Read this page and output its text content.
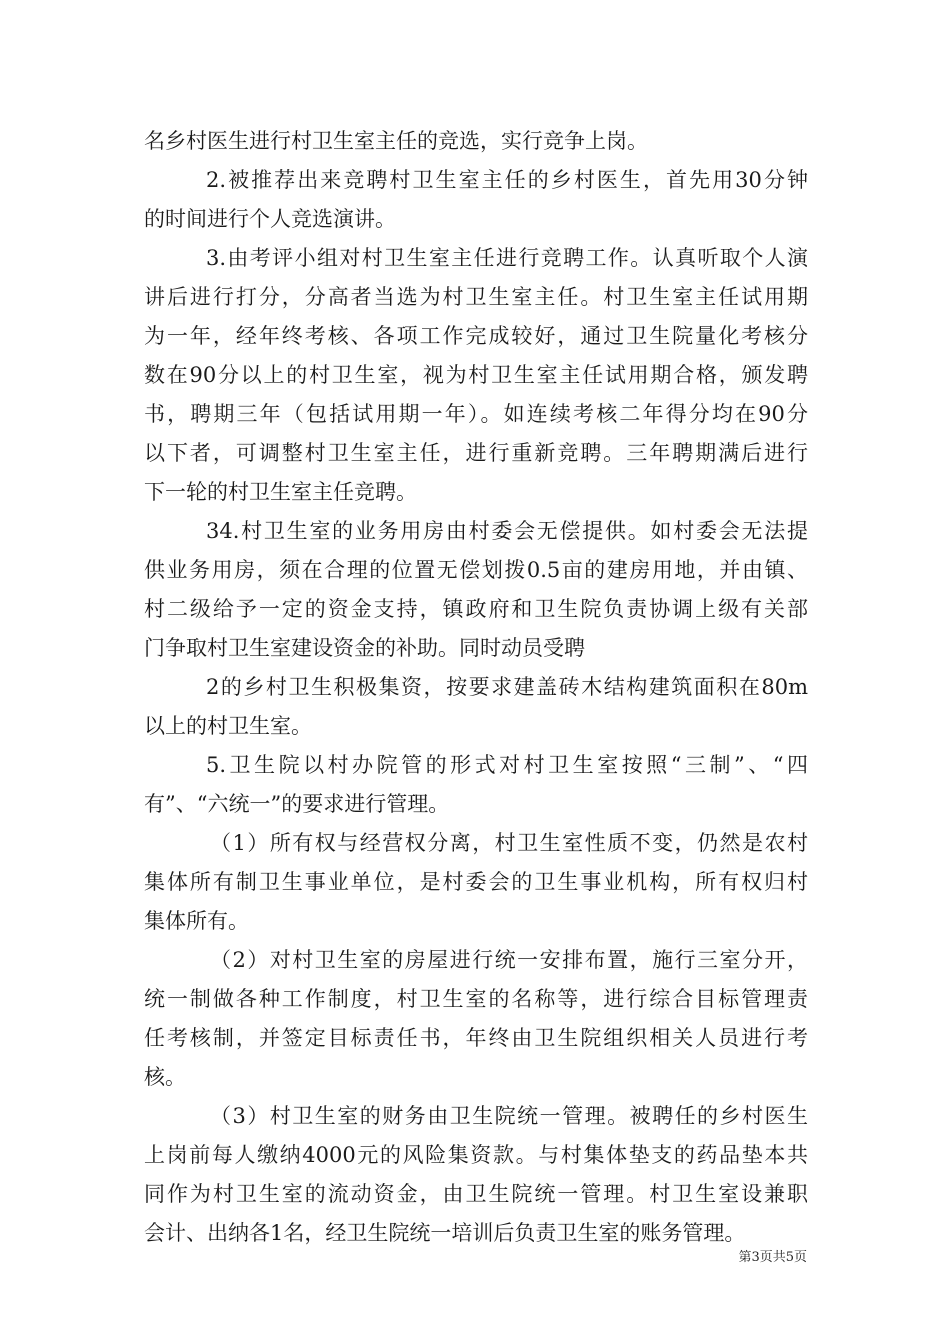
名乡村医生进行村卫生室主任的竞选，实行竞争上岗。
2.被推荐出来竞聘村卫生室主任的乡村医生，首先用30分钟
的时间进行个人竞选演讲。
3.由考评小组对村卫生室主任进行竞聘工作。认真听取个人演
讲后进行打分，分高者当选为村卫生室主任。村卫生室主任试用期
为一年，经年终考核、各项工作完成较好，通过卫生院量化考核分
数在90分以上的村卫生室，视为村卫生室主任试用期合格，颁发聘
书，聘期三年（包括试用期一年）。如连续考核二年得分均在90分
以下者，可调整村卫生室主任，进行重新竞聘。三年聘期满后进行
下一轮的村卫生室主任竞聘。
34.村卫生室的业务用房由村委会无偿提供。如村委会无法提
供业务用房，须在合理的位置无偿划拨0.5亩的建房用地，并由镇、
村二级给予一定的资金支持，镇政府和卫生院负责协调上级有关部
门争取村卫生室建设资金的补助。同时动员受聘
2的乡村卫生积极集资，按要求建盖砖木结构建筑面积在80m
以上的村卫生室。
5.卫生院以村办院管的形式对村卫生室按照“三制”、“四
有”、“六统一”的要求进行管理。
（1）所有权与经营权分离，村卫生室性质不变，仍然是农村
集体所有制卫生事业单位，是村委会的卫生事业机构，所有权归村
集体所有。
（2）对村卫生室的房屋进行统一安排布置，施行三室分开，
统一制做各种工作制度，村卫生室的名称等，进行综合目标管理责
任考核制，并签定目标责任书，年终由卫生院组织相关人员进行考
核。
（3）村卫生室的财务由卫生院统一管理。被聘任的乡村医生
上岗前每人缴纳4000元的风险集资款。与村集体垫支的药品垫本共
同作为村卫生室的流动资金，由卫生院统一管理。村卫生室设兼职
会计、出纳各1名，经卫生院统一培训后负责卫生室的账务管理。
第3页共5页
